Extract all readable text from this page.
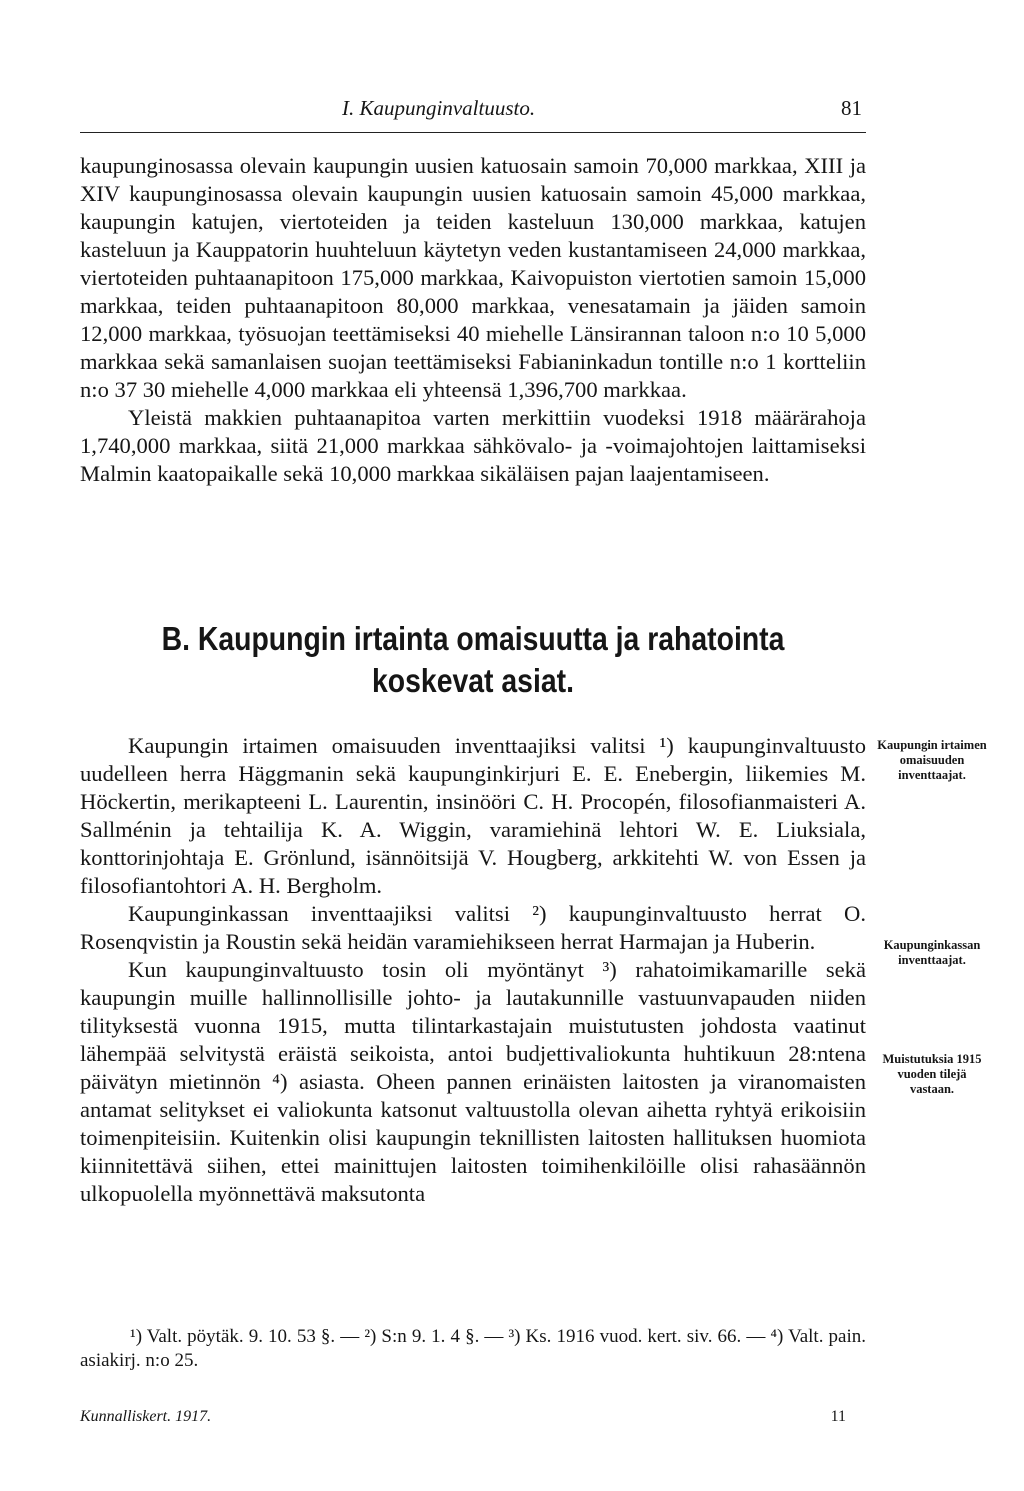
I. Kaupunginvaltuusto.	81

kaupunginosassa olevain kaupungin uusien katuosain samoin 70,000 markkaa, XIII ja XIV kaupunginosassa olevain kaupungin uusien katuosain samoin 45,000 markkaa, kaupungin katujen, viertoteiden ja teiden kasteluun 130,000 markkaa, katujen kasteluun ja Kauppatorin huuhteluun käytetyn veden kustantamiseen 24,000 markkaa, viertoteiden puhtaanapitoon 175,000 markkaa, Kaivopuiston viertotien samoin 15,000 markkaa, teiden puhtaanapitoon 80,000 markkaa, venesatamain ja jäiden samoin 12,000 markkaa, työsuojan teettämiseksi 40 miehelle Länsirannan taloon n:o 10 5,000 markkaa sekä samanlaisen suojan teettämiseksi Fabianinkadun tontille n:o 1 kortteliin n:o 37 30 miehelle 4,000 markkaa eli yhteensä 1,396,700 markkaa.

Yleistä makkien puhtaanapitoa varten merkittiin vuodeksi 1918 määrärahoja 1,740,000 markkaa, siitä 21,000 markkaa sähkövalo- ja -voimajohtojen laittamiseksi Malmin kaatopaikalle sekä 10,000 markkaa sikäläisen pajan laajentamiseen.

B. Kaupungin irtainta omaisuutta ja rahatointa
koskevat asiat.

Kaupungin irtaimen omaisuuden inventtaajiksi valitsi ¹) kaupunginvaltuusto uudelleen herra Häggmanin sekä kaupunginkirjuri E. E. Enebergin, liikemies M. Höckertin, merikapteeni L. Laurentin, insinööri C. H. Procopén, filosofianmaisteri A. Sallménin ja tehtailija K. A. Wiggin, varamiehinä lehtori W. E. Liuksiala, konttorinjohtaja E. Grönlund, isännöitsijä V. Hougberg, arkkitehti W. von Essen ja filosofiantohtori A. H. Bergholm.

Kaupunginkassan inventtaajiksi valitsi ²) kaupunginvaltuusto herrat O. Rosenqvistin ja Roustin sekä heidän varamiehikseen herrat Harmajan ja Huberin.

Kun kaupunginvaltuusto tosin oli myöntänyt ³) rahatoimikamarille sekä kaupungin muille hallinnollisille johto- ja lautakunnille vastuunvapauden niiden tilityksestä vuonna 1915, mutta tilintarkastajain muistutusten johdosta vaatinut lähempää selvitystä eräistä seikoista, antoi budjettivaliokunta huhtikuun 28:ntena päivätyn mietinnön ⁴) asiasta. Oheen pannen erinäisten laitosten ja viranomaisten antamat selitykset ei valiokunta katsonut valtuustolla olevan aihetta ryhtyä erikoisiin toimenpiteisiin. Kuitenkin olisi kaupungin teknillisten laitosten hallituksen huomiota kiinnitettävä siihen, ettei mainittujen laitosten toimihenkilöille olisi rahasäännön ulkopuolella myönnettävä maksutonta

Kaupungin irtaimen omaisuuden inventtaajat.
Kaupunginkassan inventtaajat.
Muistutuksia 1915 vuoden tilejä vastaan.

¹) Valt. pöytäk. 9. 10. 53 §. — ²) S:n 9. 1. 4 §. — ³) Ks. 1916 vuod. kert. siv. 66. — ⁴) Valt. pain. asiakirj. n:o 25.

Kunnalliskert. 1917.	11
